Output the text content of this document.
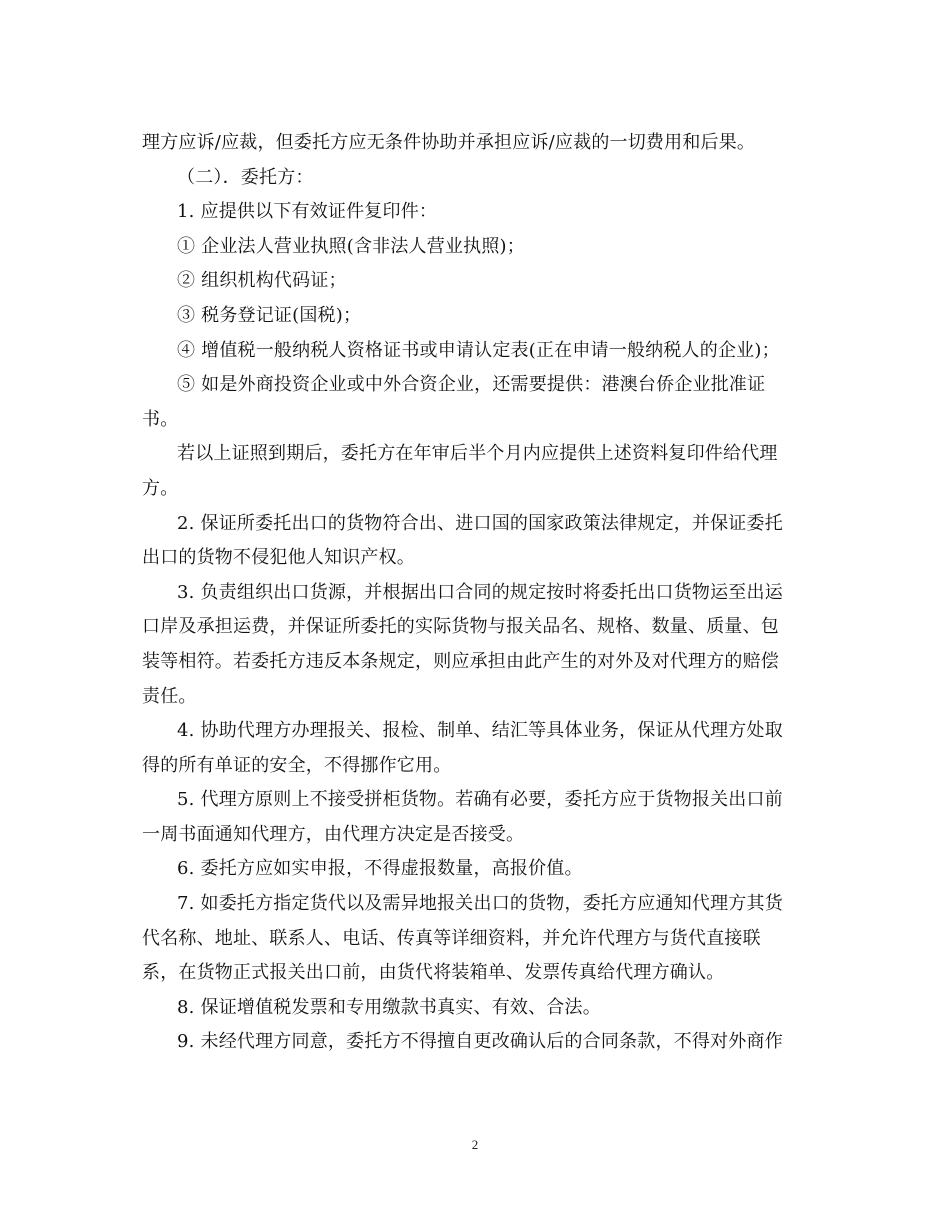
理方应诉/应裁，但委托方应无条件协助并承担应诉/应裁的一切费用和后果。
（二）．委托方：
1. 应提供以下有效证件复印件：
① 企业法人营业执照(含非法人营业执照)；
② 组织机构代码证；
③ 税务登记证(国税)；
④ 增值税一般纳税人资格证书或申请认定表(正在申请一般纳税人的企业)；
⑤ 如是外商投资企业或中外合资企业，还需要提供：港澳台侨企业批准证
书。
若以上证照到期后，委托方在年审后半个月内应提供上述资料复印件给代理
方。
2. 保证所委托出口的货物符合出、进口国的国家政策法律规定，并保证委托
出口的货物不侵犯他人知识产权。
3. 负责组织出口货源，并根据出口合同的规定按时将委托出口货物运至出运
口岸及承担运费，并保证所委托的实际货物与报关品名、规格、数量、质量、包
装等相符。若委托方违反本条规定，则应承担由此产生的对外及对代理方的赔偿
责任。
4. 协助代理方办理报关、报检、制单、结汇等具体业务，保证从代理方处取
得的所有单证的安全，不得挪作它用。
5. 代理方原则上不接受拼柜货物。若确有必要，委托方应于货物报关出口前
一周书面通知代理方，由代理方决定是否接受。
6. 委托方应如实申报，不得虚报数量，高报价值。
7. 如委托方指定货代以及需异地报关出口的货物，委托方应通知代理方其货
代名称、地址、联系人、电话、传真等详细资料，并允许代理方与货代直接联
系，在货物正式报关出口前，由货代将装箱单、发票传真给代理方确认。
8. 保证增值税发票和专用缴款书真实、有效、合法。
9. 未经代理方同意，委托方不得擅自更改确认后的合同条款，不得对外商作
2
